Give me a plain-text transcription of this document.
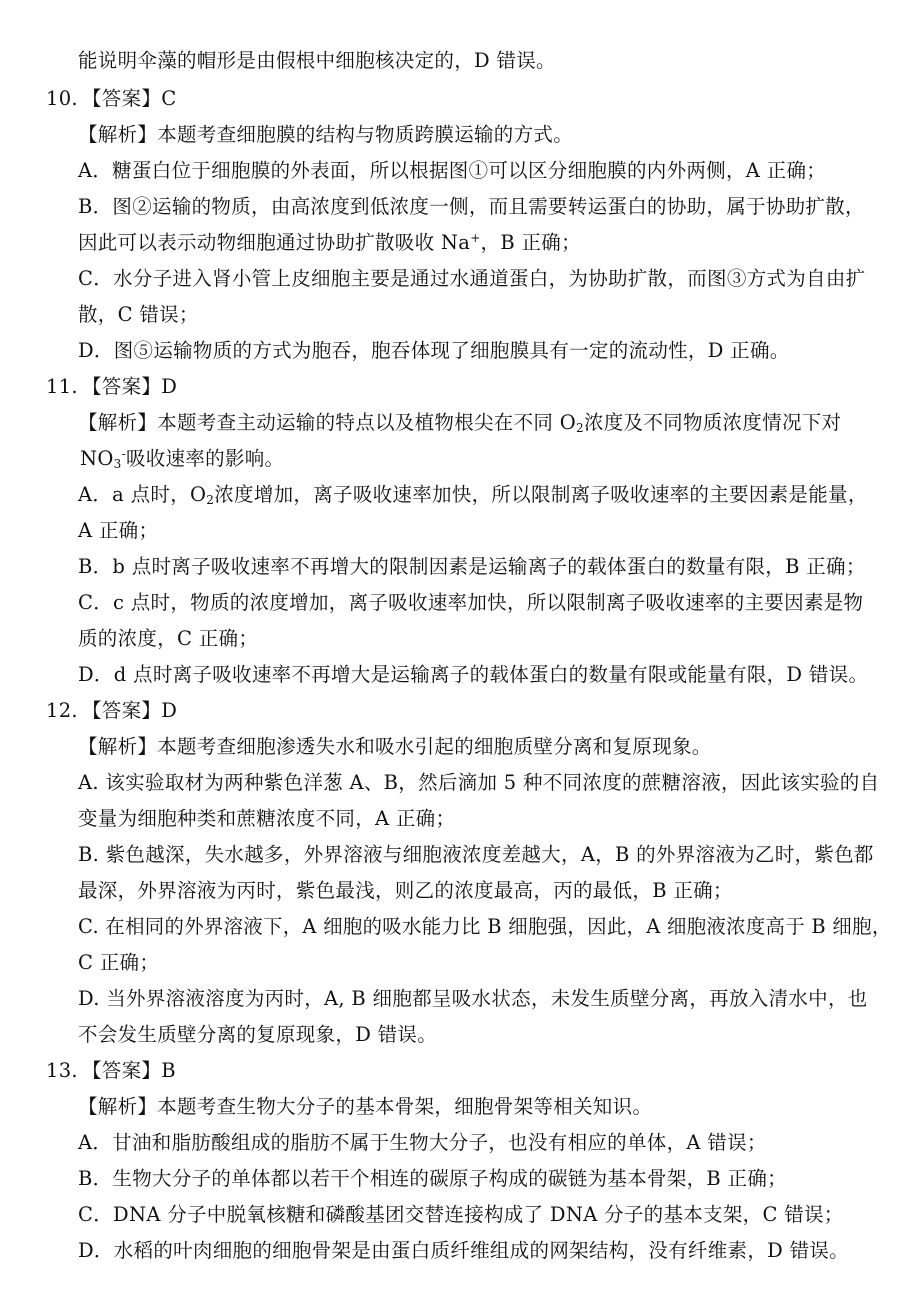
能说明伞藻的帽形是由假根中细胞核决定的，D 错误。
10. 【答案】C
【解析】本题考查细胞膜的结构与物质跨膜运输的方式。
A．糖蛋白位于细胞膜的外表面，所以根据图①可以区分细胞膜的内外两侧，A 正确；
B．图②运输的物质，由高浓度到低浓度一侧，而且需要转运蛋白的协助，属于协助扩散，
因此可以表示动物细胞通过协助扩散吸收 Na+，B 正确；
C．水分子进入肾小管上皮细胞主要是通过水通道蛋白，为协助扩散，而图③方式为自由扩
散，C 错误；
D．图⑤运输物质的方式为胞吞，胞吞体现了细胞膜具有一定的流动性，D 正确。
11. 【答案】D
【解析】本题考查主动运输的特点以及植物根尖在不同 $O_2$浓度及不同物质浓度情况下对
$NO_3^-$吸收速率的影响。
A．a 点时，$O_2$浓度增加，离子吸收速率加快，所以限制离子吸收速率的主要因素是能量，
A 正确；
B．b 点时离子吸收速率不再增大的限制因素是运输离子的载体蛋白的数量有限，B 正确；
C．c 点时，物质的浓度增加，离子吸收速率加快，所以限制离子吸收速率的主要因素是物
质的浓度，C 正确；
D．d 点时离子吸收速率不再增大是运输离子的载体蛋白的数量有限或能量有限，D 错误。
12. 【答案】D
【解析】本题考查细胞渗透失水和吸水引起的细胞质壁分离和复原现象。
A. 该实验取材为两种紫色洋葱 A、B，然后滴加 5 种不同浓度的蔗糖溶液，因此该实验的自
变量为细胞种类和蔗糖浓度不同，A 正确；
B. 紫色越深，失水越多，外界溶液与细胞液浓度差越大，A，B 的外界溶液为乙时，紫色都
最深，外界溶液为丙时，紫色最浅，则乙的浓度最高，丙的最低，B 正确；
C. 在相同的外界溶液下，A 细胞的吸水能力比 B 细胞强，因此，A 细胞液浓度高于 B 细胞，
C 正确；
D. 当外界溶液溶度为丙时，A, B 细胞都呈吸水状态，未发生质壁分离，再放入清水中，也
不会发生质壁分离的复原现象，D 错误。
13. 【答案】B
【解析】本题考查生物大分子的基本骨架，细胞骨架等相关知识。
A．甘油和脂肪酸组成的脂肪不属于生物大分子，也没有相应的单体，A 错误；
B．生物大分子的单体都以若干个相连的碳原子构成的碳链为基本骨架，B 正确；
C．DNA 分子中脱氧核糖和磷酸基团交替连接构成了 DNA 分子的基本支架，C 错误；
D．水稻的叶肉细胞的细胞骨架是由蛋白质纤维组成的网架结构，没有纤维素，D 错误。
